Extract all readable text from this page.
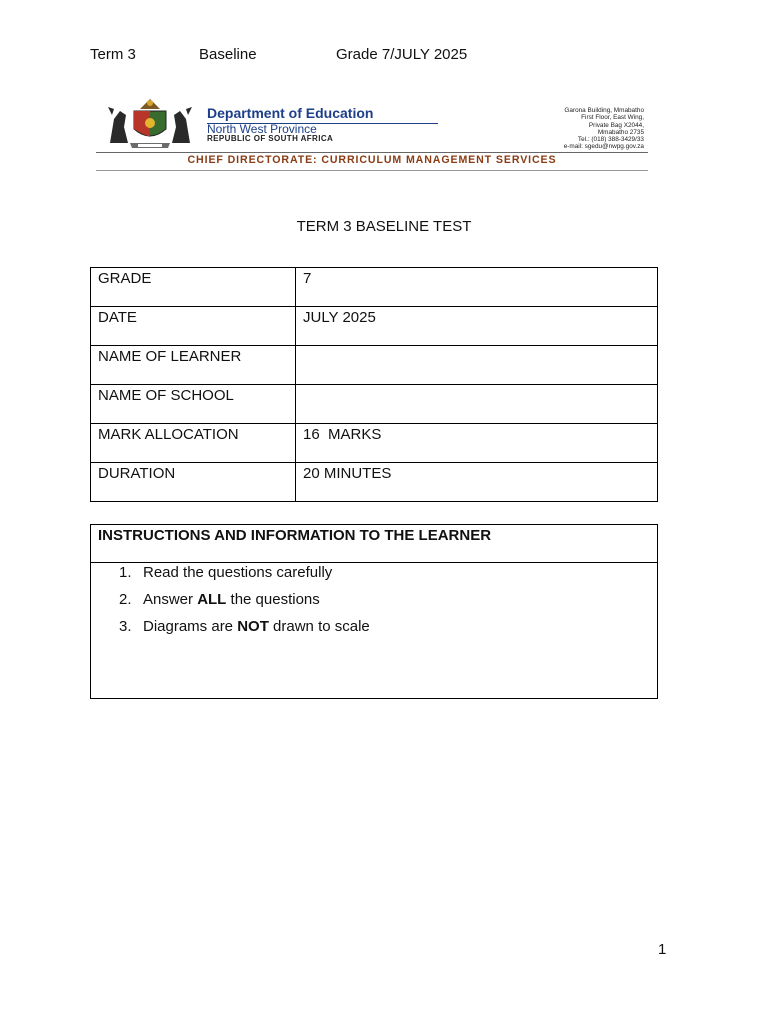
Term 3	Baseline	Grade 7/JULY 2025
Department of Education
North West Province
REPUBLIC OF SOUTH AFRICA
Garona Building, Mmabatho
First Floor, East Wing,
Private Bag X2044,
Mmabatho 2735
Tel.: (018) 388-3429/33
e-mail: sgedu@nwpg.gov.za
CHIEF DIRECTORATE: CURRICULUM MANAGEMENT SERVICES
TERM 3 BASELINE TEST
GRADE	7
DATE	JULY 2025
NAME OF LEARNER	
NAME OF SCHOOL	
MARK ALLOCATION	16  MARKS
DURATION	20 MINUTES
INSTRUCTIONS AND INFORMATION TO THE LEARNER
1. Read the questions carefully
2. Answer ALL the questions
3. Diagrams are NOT drawn to scale
1
